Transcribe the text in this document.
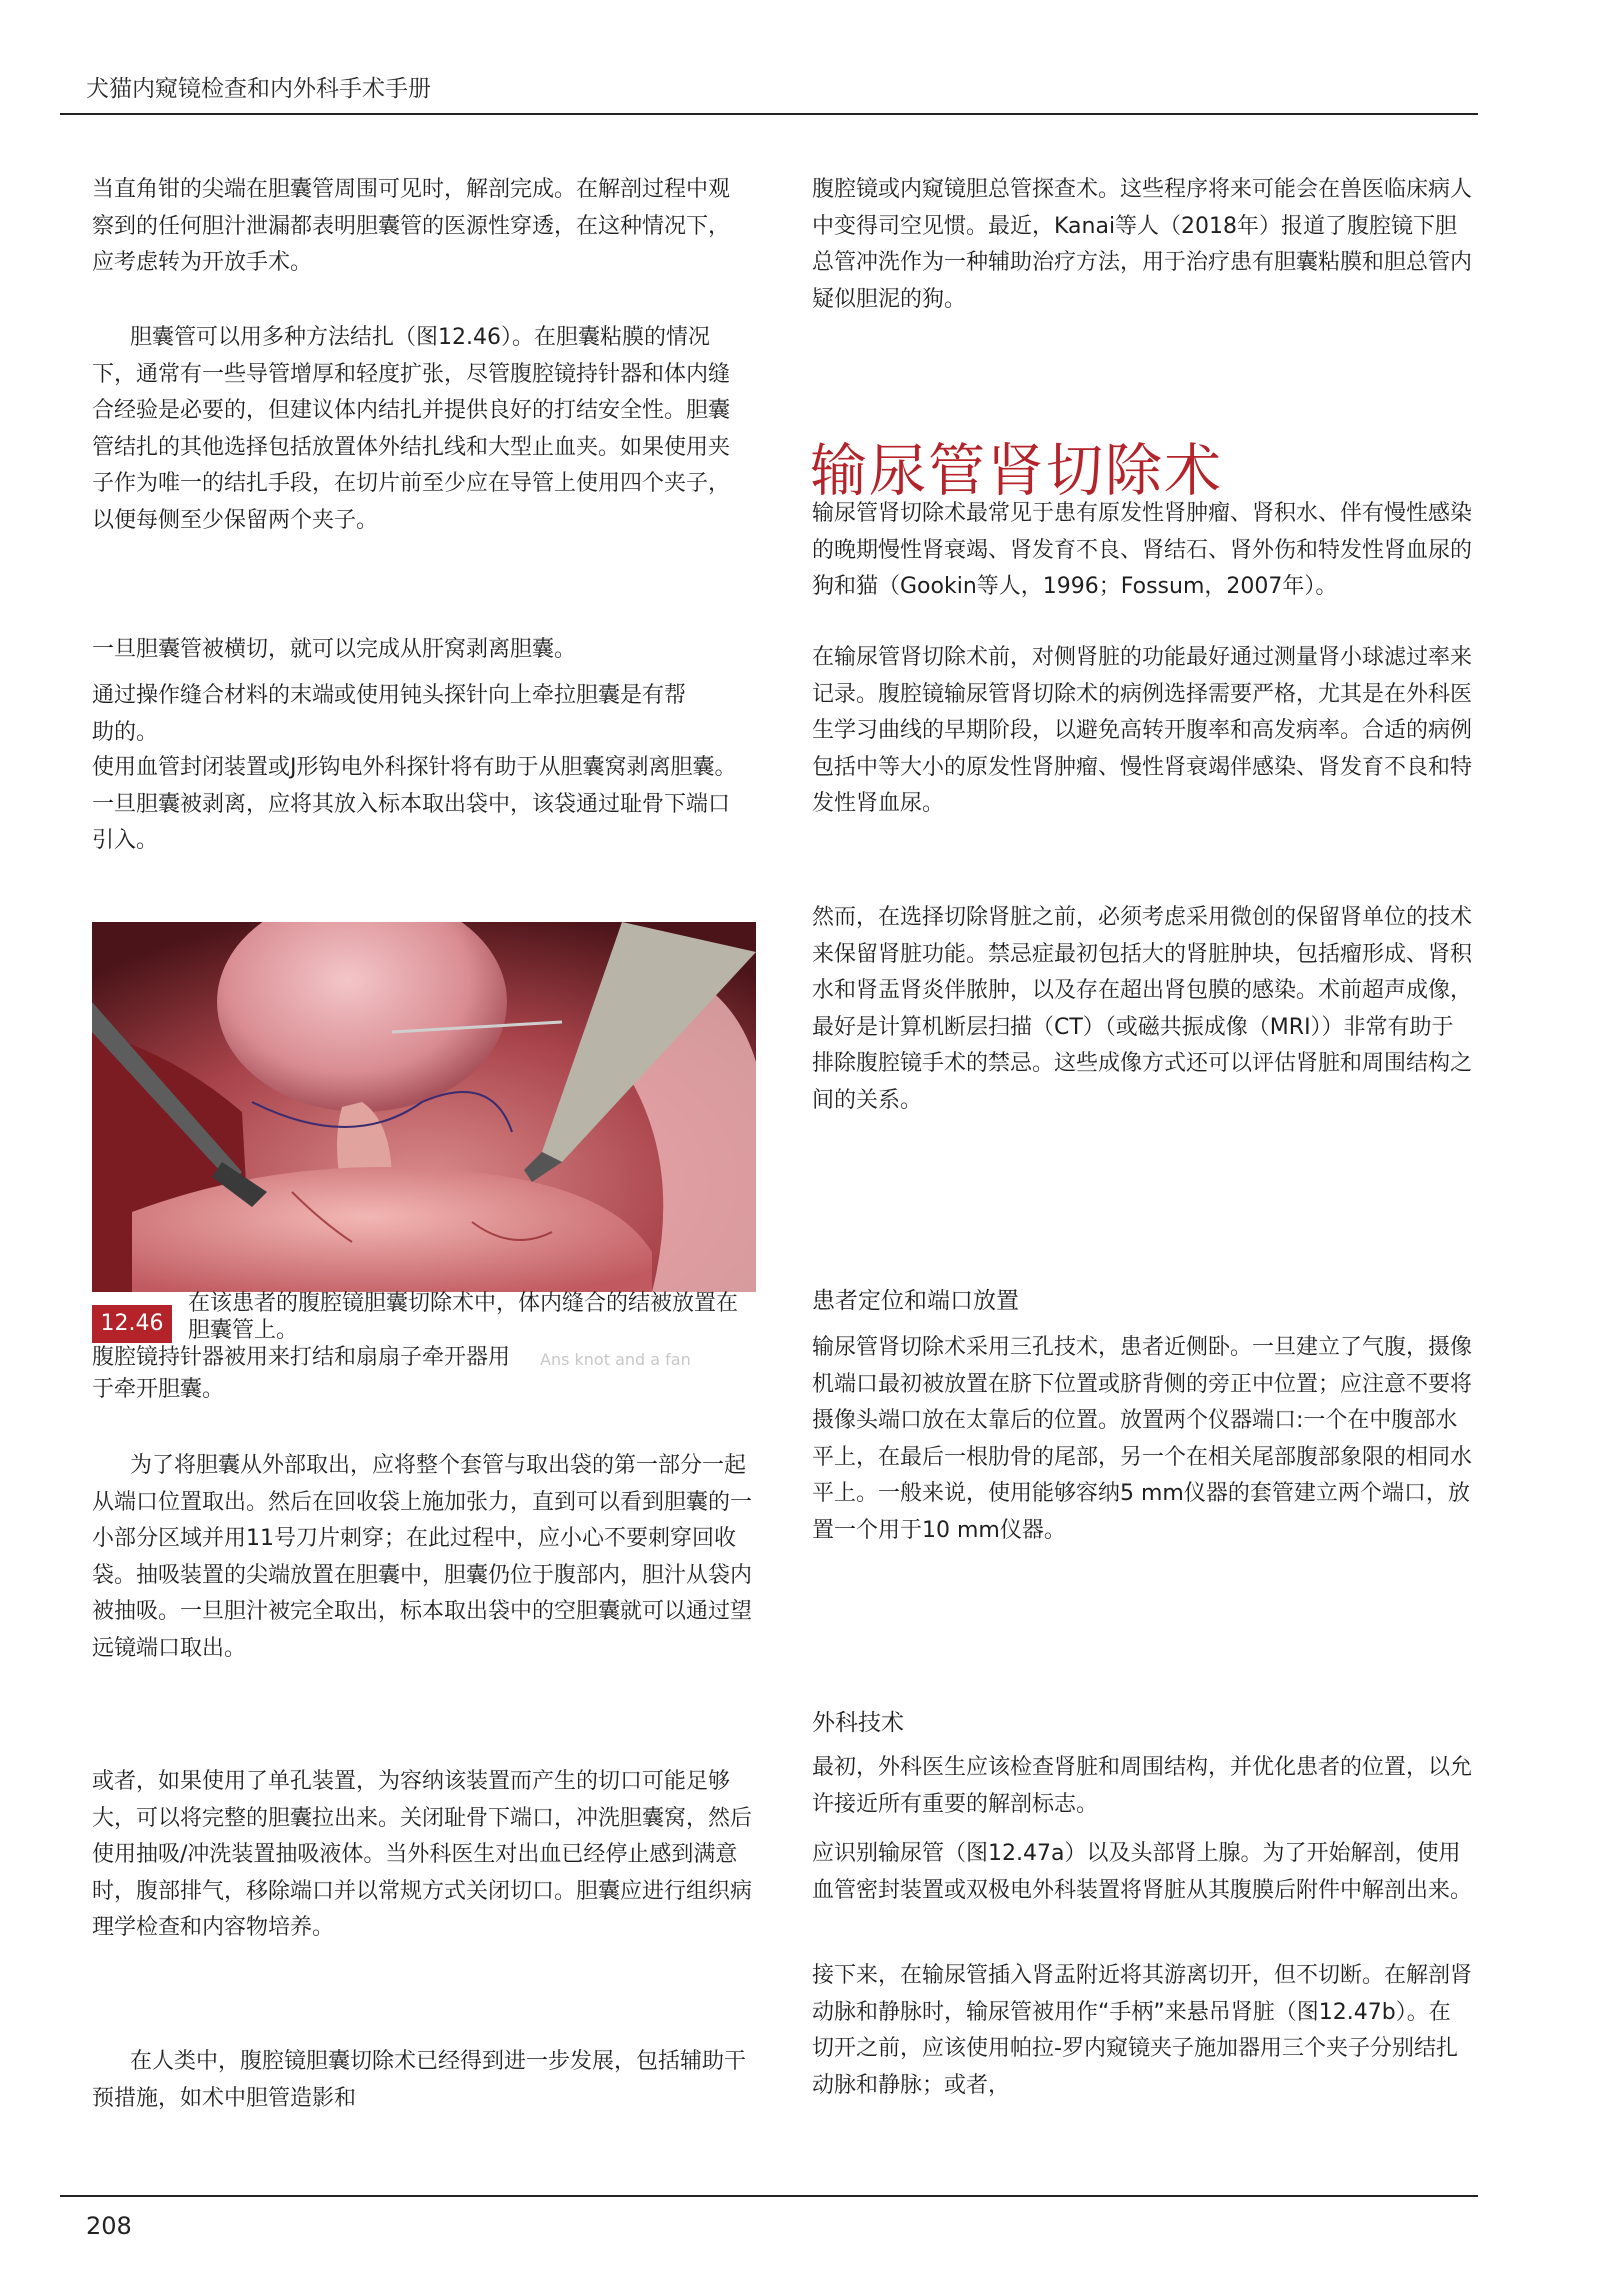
犬猫内窥镜检查和内外科手术手册

当直角钳的尖端在胆囊管周围可见时，解剖完成。在解剖过程中观察到的任何胆汁泄漏都表明胆囊管的医源性穿透，在这种情况下，应考虑转为开放手术。

胆囊管可以用多种方法结扎（图12.46）。在胆囊粘膜的情况下，通常有一些导管增厚和轻度扩张，尽管腹腔镜持针器和体内缝合经验是必要的，但建议体内结扎并提供良好的打结安全性。胆囊管结扎的其他选择包括放置体外结扎线和大型止血夹。如果使用夹子作为唯一的结扎手段，在切片前至少应在导管上使用四个夹子，以便每侧至少保留两个夹子。

一旦胆囊管被横切，就可以完成从肝窝剥离胆囊。

通过操作缝合材料的末端或使用钝头探针向上牵拉胆囊是有帮助的。

使用血管封闭装置或J形钩电外科探针将有助于从胆囊窝剥离胆囊。一旦胆囊被剥离，应将其放入标本取出袋中，该袋通过耻骨下端口引入。

12.46

在该患者的腹腔镜胆囊切除术中，体内缝合的结被放置在胆囊管上。

腹腔镜持针器被用来打结和扇扇子牵开器用于牵开胆囊。

Ans knot and a fan

为了将胆囊从外部取出，应将整个套管与取出袋的第一部分一起从端口位置取出。然后在回收袋上施加张力，直到可以看到胆囊的一小部分区域并用11号刀片刺穿；在此过程中，应小心不要刺穿回收袋。抽吸装置的尖端放置在胆囊中，胆囊仍位于腹部内，胆汁从袋内被抽吸。一旦胆汁被完全取出，标本取出袋中的空胆囊就可以通过望远镜端口取出。

或者，如果使用了单孔装置，为容纳该装置而产生的切口可能足够大，可以将完整的胆囊拉出来。关闭耻骨下端口，冲洗胆囊窝，然后使用抽吸/冲洗装置抽吸液体。当外科医生对出血已经停止感到满意时，腹部排气，移除端口并以常规方式关闭切口。胆囊应进行组织病理学检查和内容物培养。

在人类中，腹腔镜胆囊切除术已经得到进一步发展，包括辅助干预措施，如术中胆管造影和

腹腔镜或内窥镜胆总管探查术。这些程序将来可能会在兽医临床病人中变得司空见惯。最近，Kanai等人（2018年）报道了腹腔镜下胆总管冲洗作为一种辅助治疗方法，用于治疗患有胆囊粘膜和胆总管内疑似胆泥的狗。

输尿管肾切除术

输尿管肾切除术最常见于患有原发性肾肿瘤、肾积水、伴有慢性感染的晚期慢性肾衰竭、肾发育不良、肾结石、肾外伤和特发性肾血尿的狗和猫（Gookin等人，1996；Fossum，2007年）。

在输尿管肾切除术前，对侧肾脏的功能最好通过测量肾小球滤过率来记录。腹腔镜输尿管肾切除术的病例选择需要严格，尤其是在外科医生学习曲线的早期阶段，以避免高转开腹率和高发病率。合适的病例包括中等大小的原发性肾肿瘤、慢性肾衰竭伴感染、肾发育不良和特发性肾血尿。

然而，在选择切除肾脏之前，必须考虑采用微创的保留肾单位的技术来保留肾脏功能。禁忌症最初包括大的肾脏肿块，包括瘤形成、肾积水和肾盂肾炎伴脓肿，以及存在超出肾包膜的感染。术前超声成像，最好是计算机断层扫描（CT）（或磁共振成像（MRI））非常有助于排除腹腔镜手术的禁忌。这些成像方式还可以评估肾脏和周围结构之间的关系。

患者定位和端口放置

输尿管肾切除术采用三孔技术，患者近侧卧。一旦建立了气腹，摄像机端口最初被放置在脐下位置或脐背侧的旁正中位置；应注意不要将摄像头端口放在太靠后的位置。放置两个仪器端口:一个在中腹部水平上，在最后一根肋骨的尾部，另一个在相关尾部腹部象限的相同水平上。一般来说，使用能够容纳5 mm仪器的套管建立两个端口，放置一个用于10 mm仪器。

外科技术

最初，外科医生应该检查肾脏和周围结构，并优化患者的位置，以允许接近所有重要的解剖标志。

应识别输尿管（图12.47a）以及头部肾上腺。为了开始解剖，使用血管密封装置或双极电外科装置将肾脏从其腹膜后附件中解剖出来。

接下来，在输尿管插入肾盂附近将其游离切开，但不切断。在解剖肾动脉和静脉时，输尿管被用作“手柄”来悬吊肾脏（图12.47b）。在切开之前，应该使用帕拉-罗内窥镜夹子施加器用三个夹子分别结扎动脉和静脉；或者，

208
